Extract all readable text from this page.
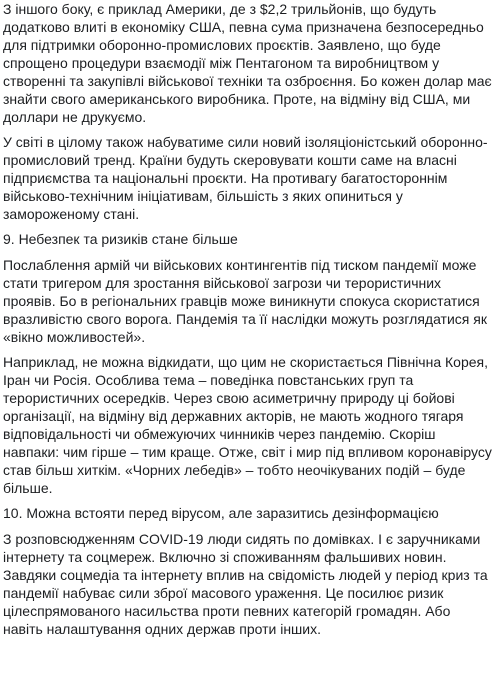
З іншого боку, є приклад Америки, де з $2,2 трильйонів, що будуть додатково влиті в економіку США, певна сума призначена безпосередньо для підтримки оборонно-промислових проєктів. Заявлено, що буде спрощено процедури взаємодії між Пентагоном та виробництвом у створенні та закупівлі військової техніки та озброєння. Бо кожен долар має знайти свого американського виробника. Проте, на відміну від США, ми доллари не друкуємо.

У світі в цілому також набуватиме сили новий ізоляціоністський оборонно-промисловий тренд. Країни будуть скеровувати кошти саме на власні підприємства та національні проєкти. На противагу багатостороннім військово-технічним ініціативам, більшість з яких опиниться у замороженому стані.

9. Небезпек та ризиків стане більше

Послаблення армій чи військових контингентів під тиском пандемії може стати тригером для зростання військової загрози чи терористичних проявів. Бо в регіональних гравців може виникнути спокуса скористатися вразливістю свого ворога. Пандемія та її наслідки можуть розглядатися як «вікно можливостей».

Наприклад, не можна відкидати, що цим не скористається Північна Корея, Іран чи Росія. Особлива тема – поведінка повстанських груп та терористичних осередків. Через свою асиметричну природу ці бойові організації, на відміну від державних акторів, не мають жодного тягаря відповідальності чи обмежуючих чинників через пандемію. Скоріш навпаки: чим гірше – тим краще. Отже, світ і мир під впливом коронавірусу став більш хиткім. «Чорних лебедів» – тобто неочікуваних подій – буде більше.

10. Можна встояти перед вірусом, але заразитись дезінформацією

З розповсюдженням COVID-19 люди сидять по домівках. І є заручниками інтернету та соцмереж. Включно зі споживанням фальшивих новин. Завдяки соцмедіа та інтернету вплив на свідомість людей у період криз та пандемії набуває сили зброї масового ураження. Це посилює ризик цілеспрямованого насильства проти певних категорій громадян. Або навіть налаштування одних держав проти інших.
